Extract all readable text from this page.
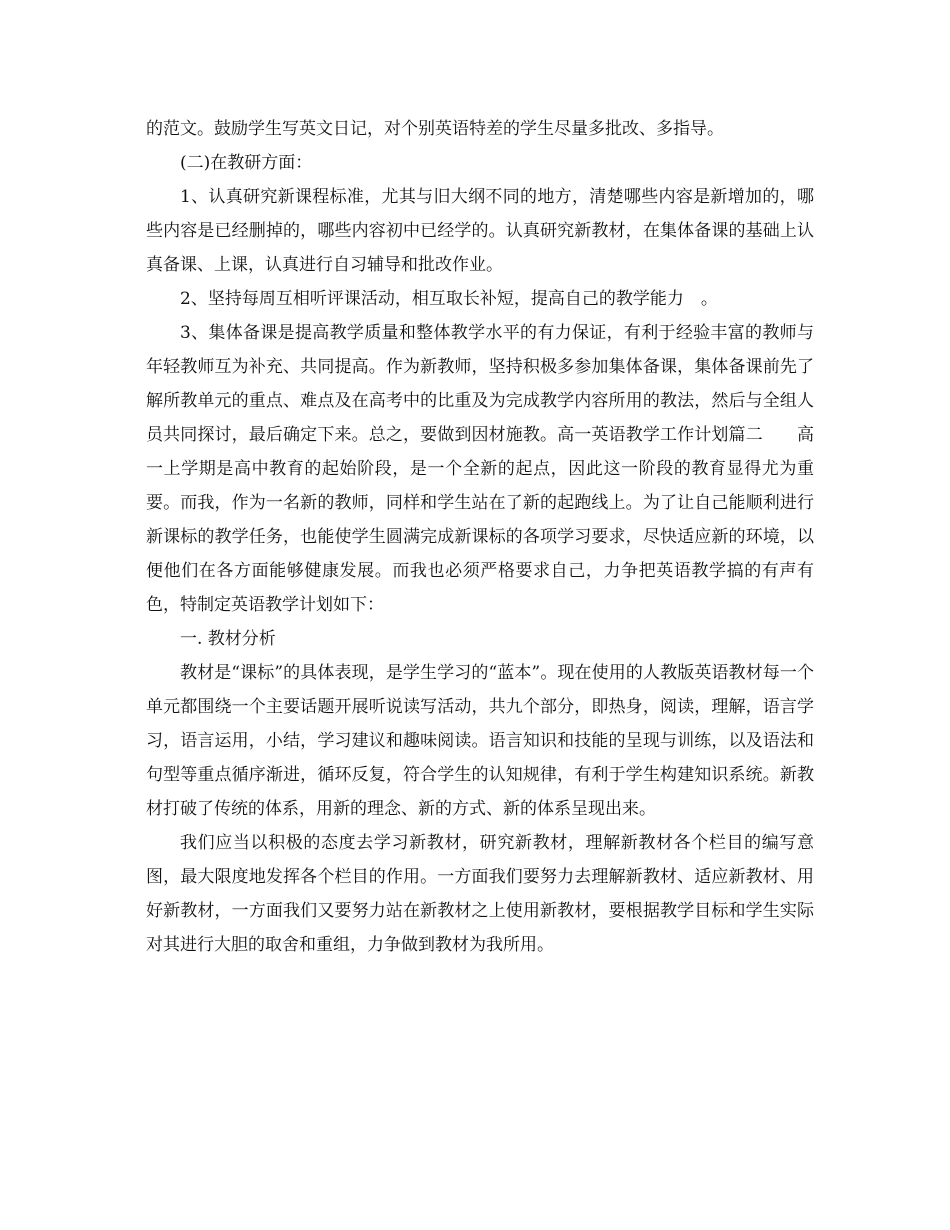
的范文。鼓励学生写英文日记，对个别英语特差的学生尽量多批改、多指导。

(二)在教研方面：

1、认真研究新课程标准，尤其与旧大纲不同的地方，清楚哪些内容是新增加的，哪些内容是已经删掉的，哪些内容初中已经学的。认真研究新教材，在集体备课的基础上认真备课、上课，认真进行自习辅导和批改作业。

2、坚持每周互相听评课活动，相互取长补短，提高自己的教学能力　。

3、集体备课是提高教学质量和整体教学水平的有力保证，有利于经验丰富的教师与年轻教师互为补充、共同提高。作为新教师，坚持积极多参加集体备课，集体备课前先了解所教单元的重点、难点及在高考中的比重及为完成教学内容所用的教法，然后与全组人员共同探讨，最后确定下来。总之，要做到因材施教。高一英语教学工作计划篇二　　高一上学期是高中教育的起始阶段，是一个全新的起点，因此这一阶段的教育显得尤为重要。而我，作为一名新的教师，同样和学生站在了新的起跑线上。为了让自己能顺利进行新课标的教学任务，也能使学生圆满完成新课标的各项学习要求，尽快适应新的环境，以便他们在各方面能够健康发展。而我也必须严格要求自己，力争把英语教学搞的有声有色，特制定英语教学计划如下：

一. 教材分析

教材是“课标”的具体表现，是学生学习的“蓝本”。现在使用的人教版英语教材每一个单元都围绕一个主要话题开展听说读写活动，共九个部分，即热身，阅读，理解，语言学习，语言运用，小结，学习建议和趣味阅读。语言知识和技能的呈现与训练，以及语法和句型等重点循序渐进，循环反复，符合学生的认知规律，有利于学生构建知识系统。新教材打破了传统的体系，用新的理念、新的方式、新的体系呈现出来。

我们应当以积极的态度去学习新教材，研究新教材，理解新教材各个栏目的编写意图，最大限度地发挥各个栏目的作用。一方面我们要努力去理解新教材、适应新教材、用好新教材，一方面我们又要努力站在新教材之上使用新教材，要根据教学目标和学生实际对其进行大胆的取舍和重组，力争做到教材为我所用。
